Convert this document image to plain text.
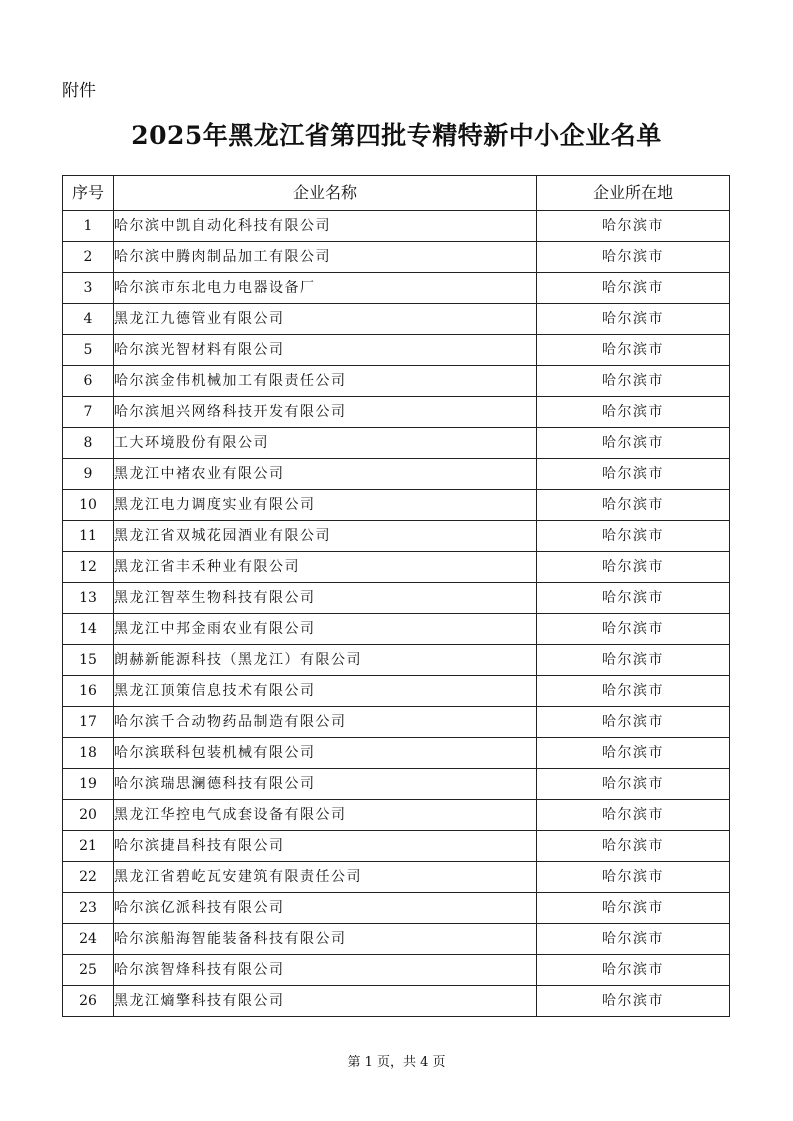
附件
2025年黑龙江省第四批专精特新中小企业名单
序号	企业名称	企业所在地
1	哈尔滨中凯自动化科技有限公司	哈尔滨市
2	哈尔滨中腾肉制品加工有限公司	哈尔滨市
3	哈尔滨市东北电力电器设备厂	哈尔滨市
4	黑龙江九德管业有限公司	哈尔滨市
5	哈尔滨光智材料有限公司	哈尔滨市
6	哈尔滨金伟机械加工有限责任公司	哈尔滨市
7	哈尔滨旭兴网络科技开发有限公司	哈尔滨市
8	工大环境股份有限公司	哈尔滨市
9	黑龙江中褚农业有限公司	哈尔滨市
10	黑龙江电力调度实业有限公司	哈尔滨市
11	黑龙江省双城花园酒业有限公司	哈尔滨市
12	黑龙江省丰禾种业有限公司	哈尔滨市
13	黑龙江智萃生物科技有限公司	哈尔滨市
14	黑龙江中邦金雨农业有限公司	哈尔滨市
15	朗赫新能源科技（黑龙江）有限公司	哈尔滨市
16	黑龙江顶策信息技术有限公司	哈尔滨市
17	哈尔滨千合动物药品制造有限公司	哈尔滨市
18	哈尔滨联科包装机械有限公司	哈尔滨市
19	哈尔滨瑞思澜德科技有限公司	哈尔滨市
20	黑龙江华控电气成套设备有限公司	哈尔滨市
21	哈尔滨捷昌科技有限公司	哈尔滨市
22	黑龙江省碧屹瓦安建筑有限责任公司	哈尔滨市
23	哈尔滨亿派科技有限公司	哈尔滨市
24	哈尔滨船海智能装备科技有限公司	哈尔滨市
25	哈尔滨智烽科技有限公司	哈尔滨市
26	黑龙江熵擎科技有限公司	哈尔滨市
第 1 页，共 4 页
